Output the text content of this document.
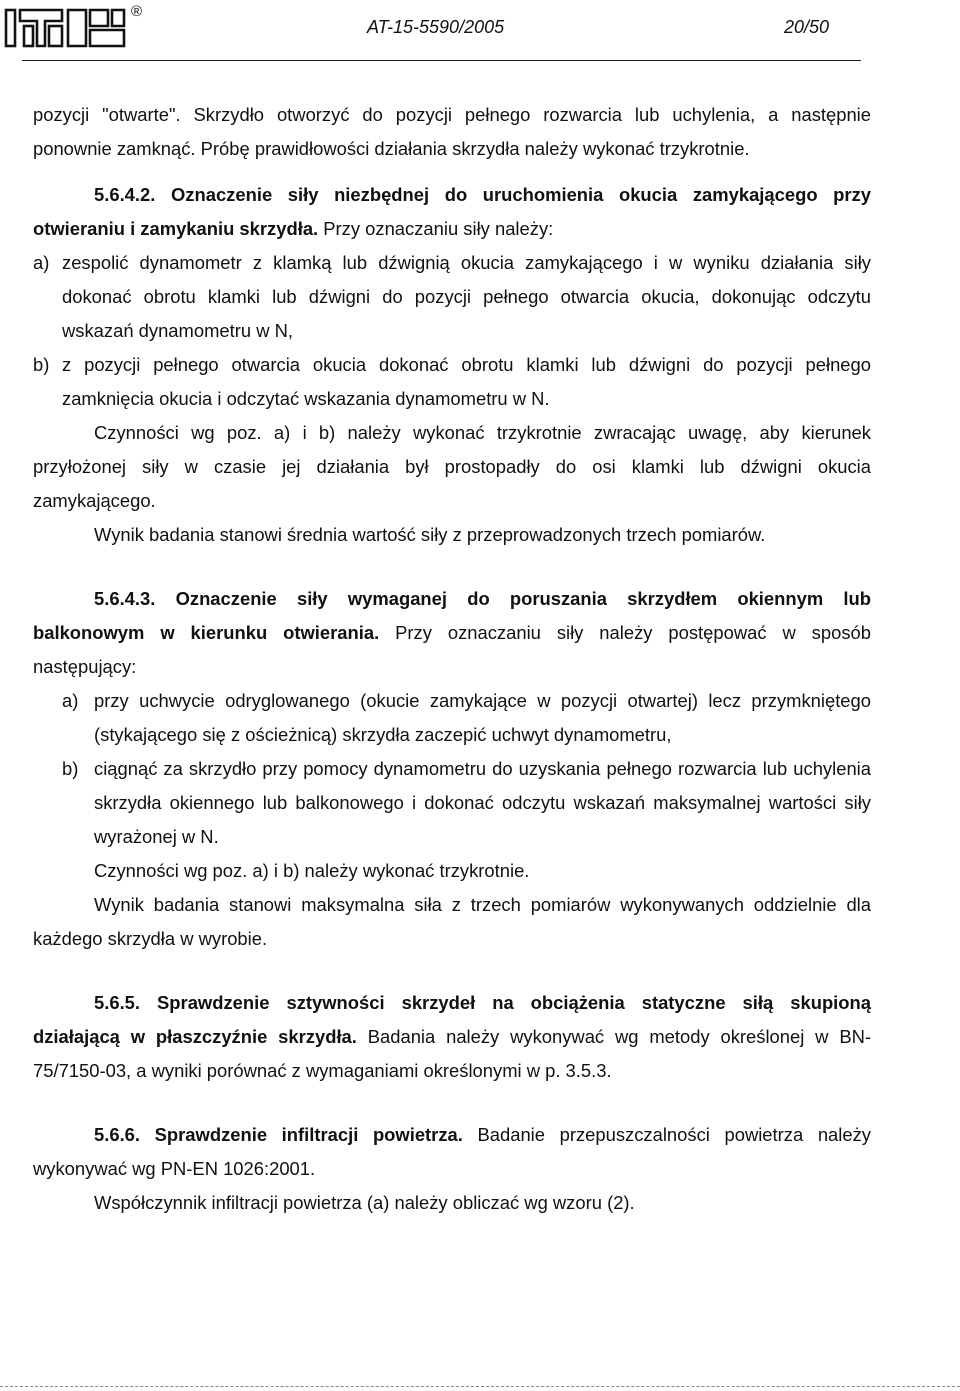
®
AT-15-5590/2005	20/50
pozycji "otwarte". Skrzydło otworzyć do pozycji pełnego rozwarcia lub uchylenia, a następnie
ponownie zamknąć. Próbę prawidłowości działania skrzydła należy wykonać trzykrotnie.
5.6.4.2. Oznaczenie siły niezbędnej do uruchomienia okucia zamykającego przy
otwieraniu i zamykaniu skrzydła. Przy oznaczaniu siły należy:
a) zespolić dynamometr z klamką lub dźwignią okucia zamykającego i w wyniku działania siły
dokonać obrotu klamki lub dźwigni do pozycji pełnego otwarcia okucia, dokonując odczytu
wskazań dynamometru w N,
b) z pozycji pełnego otwarcia okucia dokonać obrotu klamki lub dźwigni do pozycji pełnego
zamknięcia okucia i odczytać wskazania dynamometru w N.
Czynności wg poz. a) i b) należy wykonać trzykrotnie zwracając uwagę, aby kierunek
przyłożonej siły w czasie jej działania był prostopadły do osi klamki lub dźwigni okucia
zamykającego.
Wynik badania stanowi średnia wartość siły z przeprowadzonych trzech pomiarów.
5.6.4.3. Oznaczenie siły wymaganej do poruszania skrzydłem okiennym lub
balkonowym w kierunku otwierania. Przy oznaczaniu siły należy postępować w sposób
następujący:
a) przy uchwycie odryglowanego (okucie zamykające w pozycji otwartej) lecz przymkniętego
(stykającego się z ościeżnicą) skrzydła zaczepić uchwyt dynamometru,
b) ciągnąć za skrzydło przy pomocy dynamometru do uzyskania pełnego rozwarcia lub uchylenia
skrzydła okiennego lub balkonowego i dokonać odczytu wskazań maksymalnej wartości siły
wyrażonej w N.
Czynności wg poz. a) i b) należy wykonać trzykrotnie.
Wynik badania stanowi maksymalna siła z trzech pomiarów wykonywanych oddzielnie dla
każdego skrzydła w wyrobie.
5.6.5. Sprawdzenie sztywności skrzydeł na obciążenia statyczne siłą skupioną
działającą w płaszczyźnie skrzydła. Badania należy wykonywać wg metody określonej w BN-
75/7150-03, a wyniki porównać z wymaganiami określonymi w p. 3.5.3.
5.6.6. Sprawdzenie infiltracji powietrza. Badanie przepuszczalności powietrza należy
wykonywać wg PN-EN 1026:2001.
Współczynnik infiltracji powietrza (a) należy obliczać wg wzoru (2).
